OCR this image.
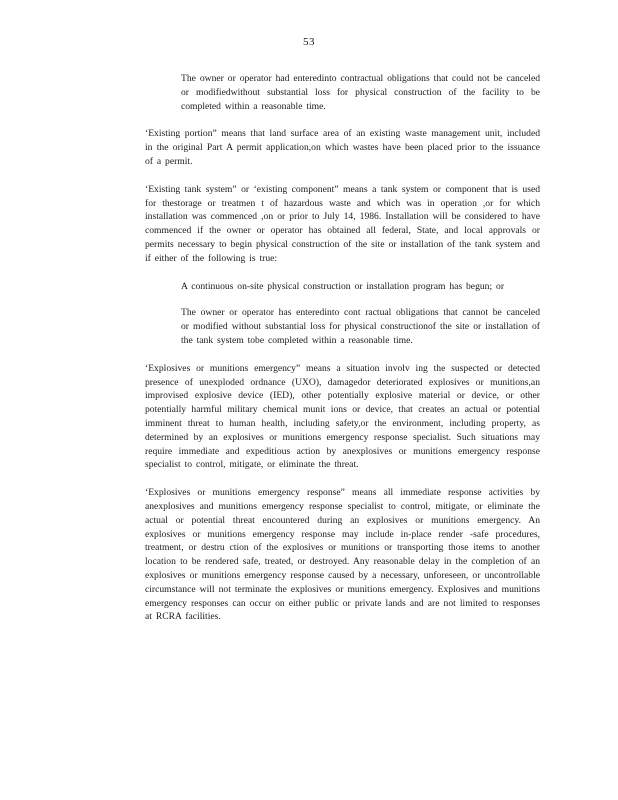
53

The owner or operator had enteredinto contractual obligations that could not be canceled or modifiedwithout substantial loss for physical construction of the facility to be completed within a reasonable time.

‘Existing portion” means that land surface area of an existing waste management unit, included in the original Part A permit application,on which wastes have been placed prior to the issuance of a permit.

‘Existing tank system” or ‘existing component” means a tank system or component that is used for thestorage or treatmen t of hazardous waste and which was in operation ,or for which installation was commenced ,on or prior to July 14, 1986. Installation will be considered to have commenced if the owner or operator has obtained all federal, State, and local approvals or permits necessary to begin physical construction of the site or installation of the tank system and if either of the following is true:

A continuous on-site physical construction or installation program has begun; or

The owner or operator has enteredinto cont ractual obligations that cannot be canceled or modified without substantial loss for physical constructionof the site or installation of the tank system tobe completed within a reasonable time.

‘Explosives or munitions emergency” means a situation involv ing the suspected or detected presence of unexploded ordnance (UXO), damagedor deteriorated explosives or munitions,an improvised explosive device (IED), other potentially explosive material or device, or other potentially harmful military chemical munit ions or device, that creates an actual or potential imminent threat to human health, including safety,or the environment, including property, as determined by an explosives or munitions emergency response specialist. Such situations may require immediate and expeditious action by anexplosives or munitions emergency response specialist to control, mitigate, or eliminate the threat.

‘Explosives or munitions emergency response” means all immediate response activities by anexplosives and munitions emergency response specialist to control, mitigate, or eliminate the actual or potential threat encountered during an explosives or munitions emergency. An explosives or munitions emergency response may include in-place render -safe procedures, treatment, or destru ction of the explosives or munitions or transporting those items to another location to be rendered safe, treated, or destroyed. Any reasonable delay in the completion of an explosives or munitions emergency response caused by a necessary, unforeseen, or uncontrollable circumstance will not terminate the explosives or munitions emergency. Explosives and munitions emergency responses can occur on either public or private lands and are not limited to responses at RCRA facilities.
